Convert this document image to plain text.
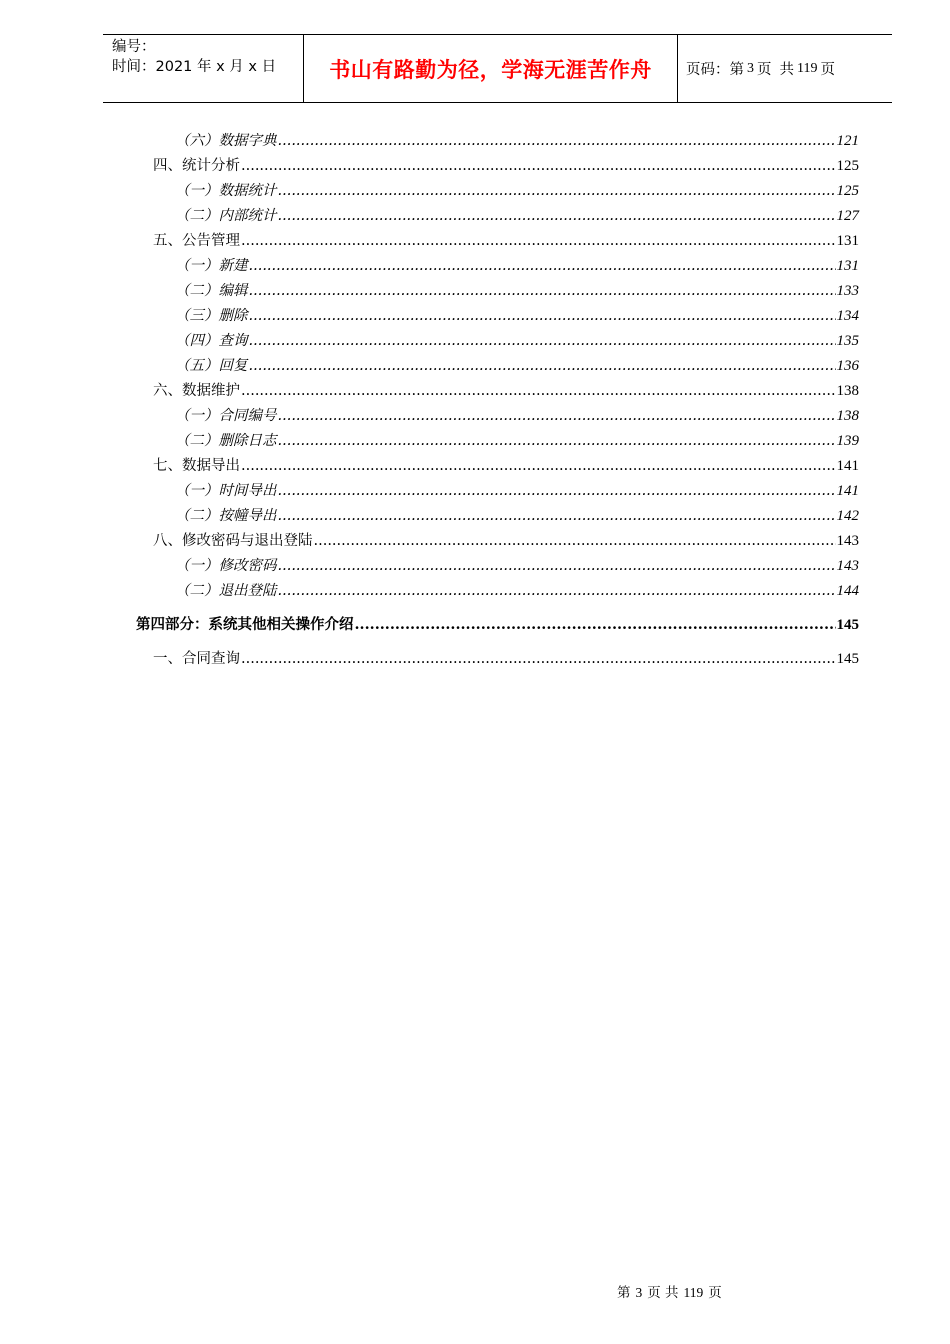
编号：
时间：2021 年 x 月 x 日	书山有路勤为径，学海无涯苦作舟 页码：第 3 页 共 119 页
（六）数据字典 .....	121
四、统计分析 .....	125
（一）数据统计 .....	125
（二）内部统计 .....	127
五、公告管理 .....	131
（一）新建 .....	131
（二）编辑 .....	133
（三）删除 .....	134
（四）查询 .....	135
（五）回复 .....	136
六、数据维护 .....	138
（一）合同编号 .....	138
（二）删除日志 .....	139
七、数据导出 .....	141
（一）时间导出 .....	141
（二）按幢导出 .....	142
八、修改密码与退出登陆 .....	143
（一）修改密码 .....	143
（二）退出登陆 .....	144
第四部分：系统其他相关操作介绍 .....	145
一、合同查询 .....	145
第 3 页 共 119 页
